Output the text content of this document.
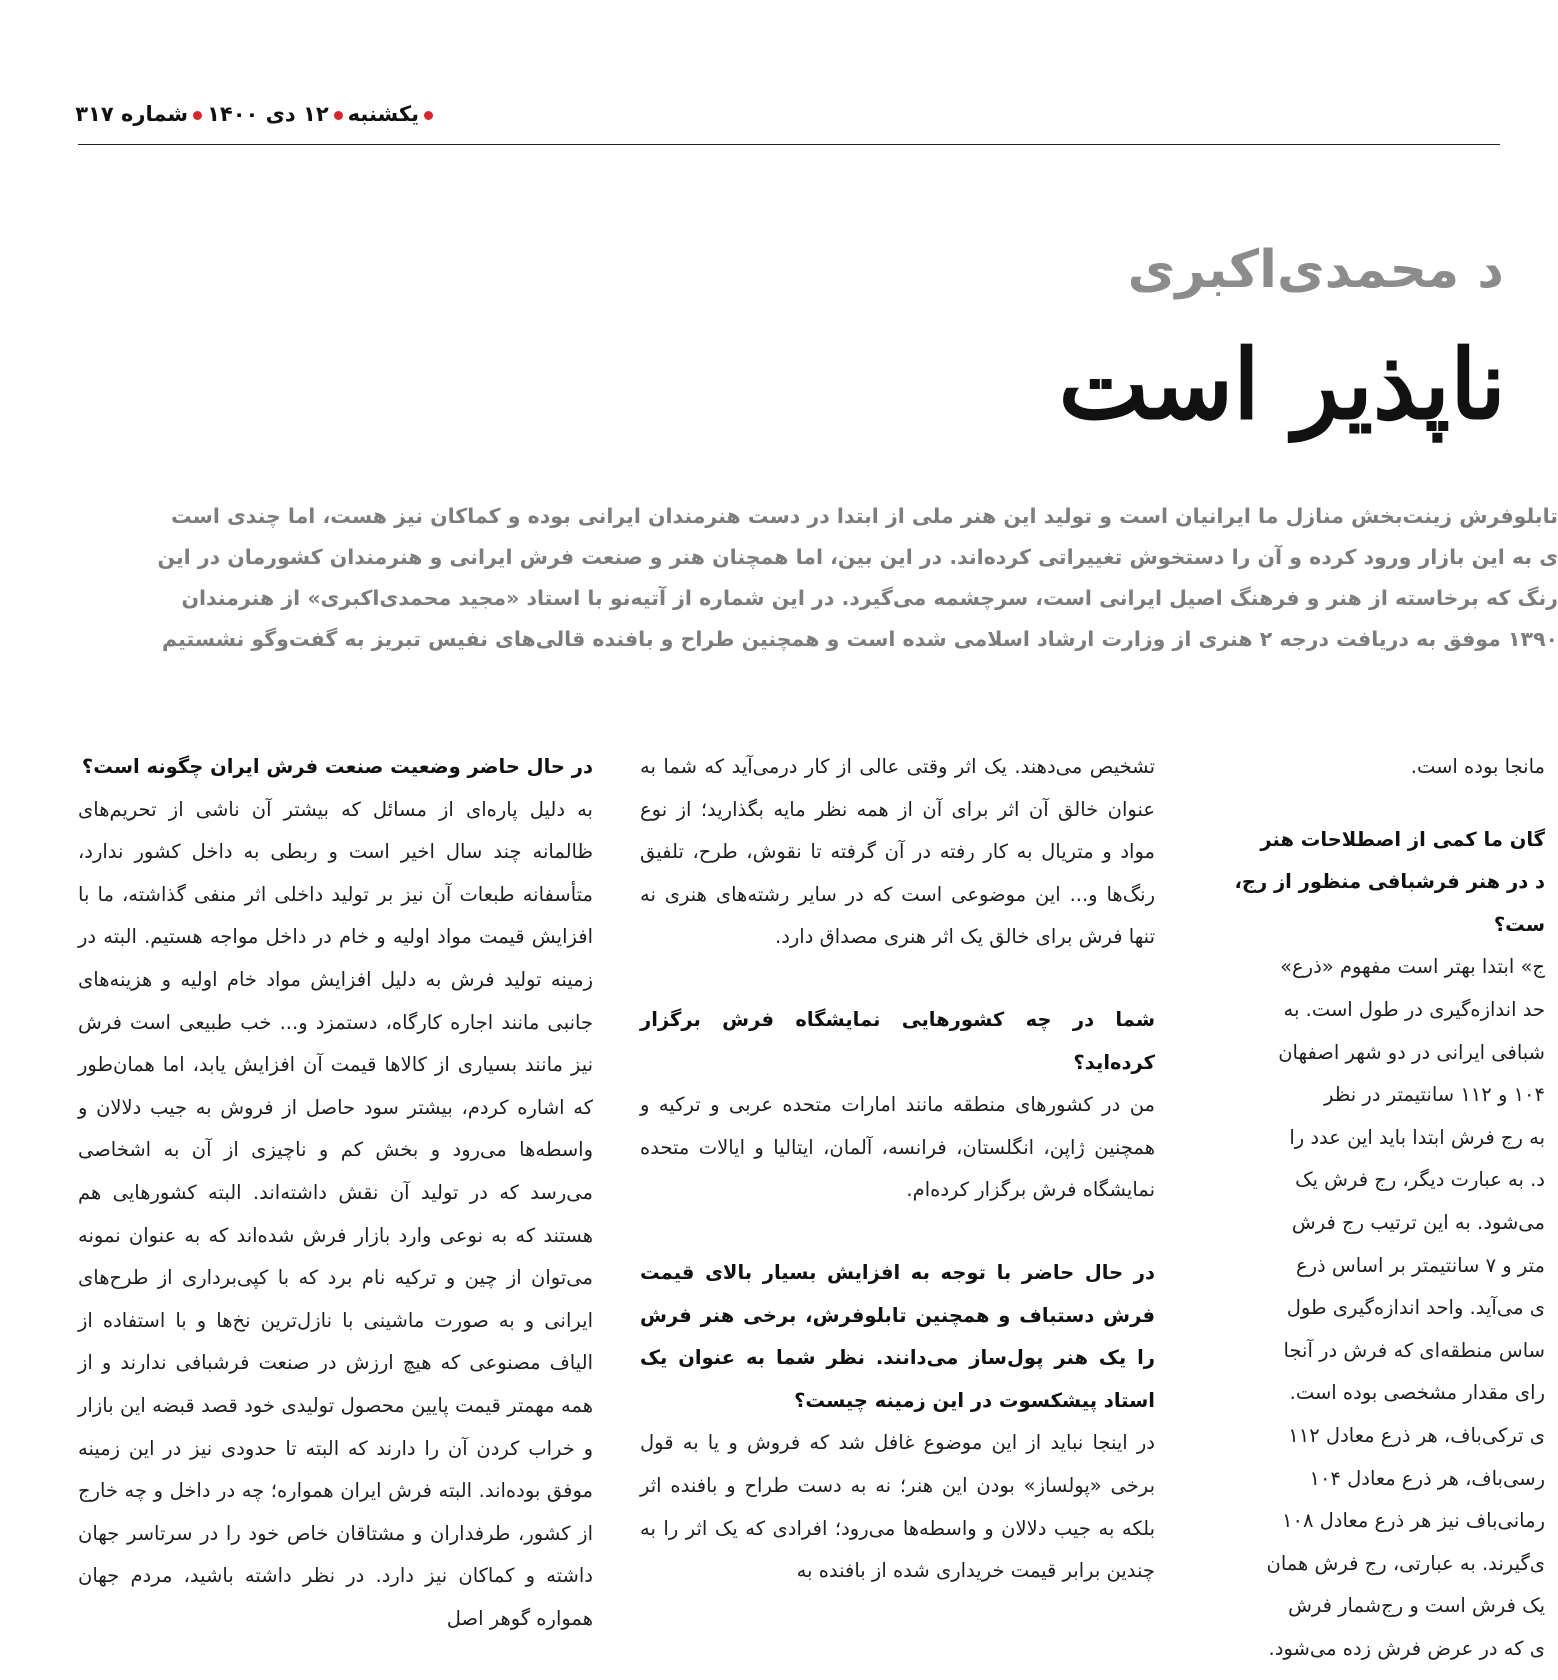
یکشنبه۱۲ دی ۱۴۰۰شماره ۳۱۷
د محمدی‌اکبری
ناپذیر است
تابلوفرش زینت‌بخش منازل ما ایرانیان است و تولید این هنر ملی از ابتدا در دست هنرمندان ایرانی بوده و کماکان نیز هست، اما چندی است
ی به این بازار ورود کرده و آن را دستخوش تغییراتی کرده‌اند. در این بین، اما همچنان هنر و صنعت فرش ایرانی و هنرمندان کشورمان در این
رنگ که برخاسته از هنر و فرهنگ اصیل ایرانی است، سرچشمه می‌گیرد. در این شماره از آتیه‌نو با استاد «مجید محمدی‌اکبری» از هنرمندان
۱۳۹۰ موفق به دریافت درجه ۲ هنری از وزارت ارشاد اسلامی شده است و همچنین طراح و بافنده قالی‌های نفیس تبریز به گفت‌وگو نشستیم

در حال حاضر وضعیت صنعت فرش ایران چگونه است؟

به دلیل پاره‌ای از مسائل که بیشتر آن ناشی از تحریم‌های ظالمانه چند سال اخیر است و ربطی به داخل کشور ندارد، متأسفانه طبعات آن نیز بر تولید داخلی اثر منفی گذاشته، ما با افزایش قیمت مواد اولیه و خام در داخل مواجه هستیم. البته در زمینه تولید فرش به دلیل افزایش مواد خام اولیه و هزینه‌های جانبی مانند اجاره کارگاه، دستمزد و... خب طبیعی است فرش نیز مانند بسیاری از کالاها قیمت آن افزایش یابد، اما همان‌طور که اشاره کردم، بیشتر سود حاصل از فروش به جیب دلالان و واسطه‌ها می‌رود و بخش کم و ناچیزی از آن به اشخاصی می‌رسد که در تولید آن نقش داشته‌اند. البته کشورهایی هم هستند که به نوعی وارد بازار فرش شده‌اند که به عنوان نمونه می‌توان از چین و ترکیه نام برد که با کپی‌برداری از طرح‌های ایرانی و به صورت ماشینی با نازل‌ترین نخ‌ها و با استفاده از الیاف مصنوعی که هیچ ارزش در صنعت فرشبافی ندارند و از همه مهمتر قیمت پایین محصول تولیدی خود قصد قبضه این بازار و خراب کردن آن را دارند که البته تا حدودی نیز در این زمینه موفق بوده‌اند. البته فرش ایران همواره؛ چه در داخل و چه خارج از کشور، طرفداران و مشتاقان خاص خود را در سرتاسر جهان داشته و کماکان نیز دارد. در نظر داشته باشید، مردم جهان همواره گوهر اصل

تشخیص می‌دهند. یک اثر وقتی عالی از کار درمی‌آید که شما به عنوان خالق آن اثر برای آن از همه نظر مایه بگذارید؛ از نوع مواد و متریال به کار رفته در آن گرفته تا نقوش، طرح، تلفیق رنگ‌ها و... این موضوعی است که در سایر رشته‌های هنری نه تنها فرش برای خالق یک اثر هنری مصداق دارد.

شما در چه کشورهایی نمایشگاه فرش برگزار کرده‌اید؟

من در کشورهای منطقه مانند امارات متحده عربی و ترکیه و همچنین ژاپن، انگلستان، فرانسه، آلمان، ایتالیا و ایالات متحده نمایشگاه فرش برگزار کرده‌ام.

در حال حاضر با توجه به افزایش بسیار بالای قیمت فرش دستباف و همچنین تابلوفرش، برخی هنر فرش را یک هنر پول‌ساز می‌دانند. نظر شما به عنوان یک استاد پیشکسوت در این زمینه چیست؟

در اینجا نباید از این موضوع غافل شد که فروش و یا به قول برخی «پولساز» بودن این هنر؛ نه به دست طراح و بافنده اثر بلکه به جیب دلالان و واسطه‌ها می‌رود؛ افرادی که یک اثر را به چندین برابر قیمت خریداری شده از بافنده به

مانجا بوده است.
گان ما کمی از اصطلاحات هنر
د در هنر فرشبافی منظور از رج،
ست؟
ج» ابتدا بهتر است مفهوم «ذرع»
حد اندازه‌گیری در طول است. به
شبافی ایرانی در دو شهر اصفهان
۱۰۴ و ۱۱۲ سانتیمتر در نظر
به رج فرش ابتدا باید این عدد را
د. به عبارت دیگر، رج فرش یک
می‌شود. به این ترتیب رج فرش
متر و ۷ سانتیمتر بر اساس ذرع
ی می‌آید. واحد اندازه‌گیری طول
ساس منطقه‌ای که فرش در آنجا
رای مقدار مشخصی بوده است.
ی ترکی‌باف، هر ذرع معادل ۱۱۲
رسی‌باف، هر ذرع معادل ۱۰۴
رمانی‌باف نیز هر ذرع معادل ۱۰۸
ی‌گیرند. به عبارتی، رج فرش همان
یک فرش است و رج‌شمار فرش
ی که در عرض فرش زده می‌شود.
